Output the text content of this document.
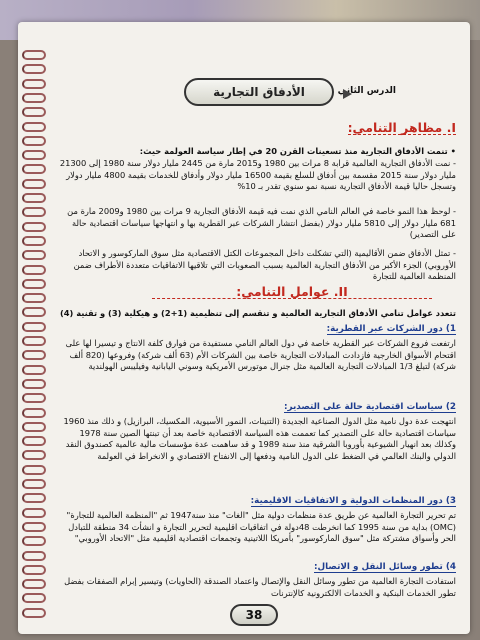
الدرس الثاني
الأدفاق التجارية
I. مظاهر التنامي:
• تنمت الأدفاق التجارية منذ تسعينات القرن 20 في إطار سياسة العولمة حيث:
- نمت الأدفاق التجارية العالمية قرابة 8 مرات بين 1980 و2015 مارة من 2445 مليار دولار سنة 1980 إلى 21300 مليار دولار سنة 2015 مقسمة بين أدفاق للسلع بقيمة 16500 مليار دولار وأدفاق للخدمات بقيمة 4800 مليار دولار وتسجل حاليا قيمة الأدفاق التجارية نسبة نمو سنوي تقدر بـ 10%
- لوحظ هذا النمو خاصة في العالم النامي الذي نمت فيه قيمة الأدفاق التجارية 9 مرات بين 1980 و2009 مارة من 681 مليار دولار إلى 5810 مليار دولار (بفضل انتشار الشركات عبر القطرية بها و انتهاجها سياسات اقتصادية حالة على التصدير)
- تمثل الأدفاق ضمن الأقاليمية (التي تشكلت داخل المجموعات الكتل الاقتصادية مثل سوق الماركوسور و الاتحاد الأوروبي) الجزء الأكبر من الأدفاق التجارية العالمية بسبب الصعوبات التي تلاقيها الاتفاقيات متعددة الأطراف ضمن المنظمة العالمية للتجارة
II. عوامل التنامي:
تتعدد عوامل تنامي الأدفاق التجارية العالمية و تنقسم إلى تنظيمية (1+2) و هيكلية (3) و تقنية (4)
1) دور الشركات عبر القطرية:
ارتفعت فروع الشركات عبر القطرية خاصة في دول العالم النامي مستفيدة من فوارق كلفة الانتاج و تيسيرا لها على اقتحام الأسواق الخارجية فازدادت المبادلات التجارية خاصة بين الشركات الأم (63 ألف شركة) وفروعها (820 ألف شركة) لتبلغ 1/3 المبادلات التجارية العالمية مثل جنرال موتورس الأمريكية وسوني اليابانية وفيليبس الهولندية
2) سياسات اقتصادية حالة على التصدير:
انتهجت عدة دول نامية مثل الدول الصناعية الجديدة (التنينات، النمور الأسيوية، المكسيك، البرازيل) و ذلك منذ 1960 سياسات اقتصادية حالة على التصدير كما تعممت هذه السياسة الاقتصادية خاصة بعد أن تبنتها الصين سنة 1978 وكذلك بعد انهيار الشيوعية بأوروبا الشرقية منذ سنة 1989 و قد ساهمت عدة مؤسسات مالية عالمية كصندوق النقد الدولي والبنك العالمي في الضغط على الدول النامية ودفعها إلى الانفتاح الاقتصادي و الانخراط في العولمة
3) دور المنظمات الدولية و الاتفاقيات الاقليمية:
تم تحرير التجارة العالمية عن طريق عدة منظمات دولية مثل "الغات" منذ سنة1947 ثم "المنظمة العالمية للتجارة" (OMC) بداية من سنة 1995 كما انخرطت 48دولة في اتفاقيات اقليمية لتحرير التجارة و انشأت 34 منطقة للتبادل الحر وأسواق مشتركة مثل "سوق الماركوسور" بأمريكا اللاتينية وتجمعات اقتصادية اقليمية مثل "الاتحاد الأوروبي"
4) تطور وسائل النقل و الاتصال:
استفادت التجارة العالمية من تطور وسائل النقل والإتصال واعتماد الصندقة (الحاويات) وتيسير إبرام الصفقات بفضل تطور الخدمات البنكية و الخدمات الالكترونية كالإنترنات
38
